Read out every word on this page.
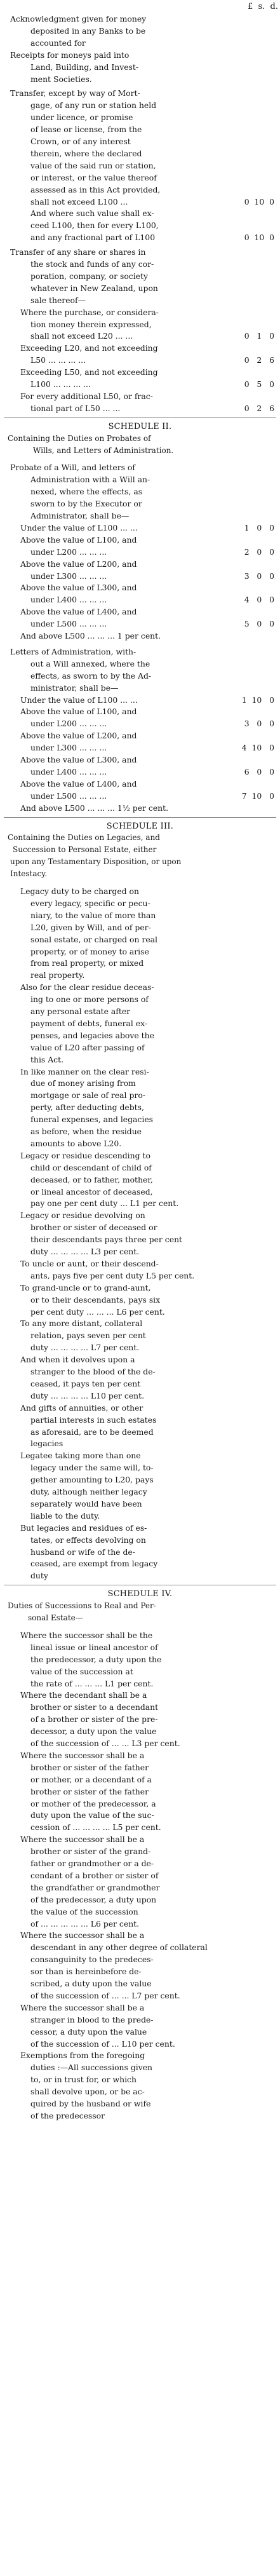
£  s.  d.
Acknowledgment given for money
deposited in any Banks to be
accounted for
Receipts for moneys paid into
Land, Building, and Invest-
ment Societies.
Transfer, except by way of Mort-
gage, of any run or station held
under licence, or promise
of lease or license, from the
Crown, or of any interest
therein, where the declared
value of the said run or station,
or interest, or the value thereof
assessed as in this Act provided,
shall not exceed L100 ...	0  10  0
And where such value shall ex-
ceed L100, then for every L100,
and any fractional part of L100	0  10  0
Transfer of any share or shares in
the stock and funds of any cor-
poration, company, or society
whatever in New Zealand, upon
sale thereof—
Where the purchase, or considera-
tion money therein expressed,
shall not exceed L20 ... ...	0   1   0
Exceeding L20, and not exceeding
L50 ... ... ... ...	0   2   6
Exceeding L50, and not exceeding
L100 ... ... ... ...	0   5   0
For every additional L50, or frac-
tional part of L50 ... ...	0   2   6
SCHEDULE II.
Containing the Duties on Probates of
Wills, and Letters of Administration.
Probate of a Will, and letters of
Administration with a Will an-
nexed, where the effects, as
sworn to by the Executor or
Administrator, shall be—
Under the value of L100 ... ...	1   0   0
Above the value of L100, and
under L200 ... ... ...	2   0   0
Above the value of L200, and
under L300 ... ... ...	3   0   0
Above the value of L300, and
under L400 ... ... ...	4   0   0
Above the value of L400, and
under L500 ... ... ...	5   0   0
And above L500 ... ... ... 1 per cent.
Letters of Administration, with-
out a Will annexed, where the
effects, as sworn to by the Ad-
ministrator, shall be—
Under the value of L100 ... ...	1  10   0
Above the value of L100, and
under L200 ... ... ...	3   0   0
Above the value of L200, and
under L300 ... ... ...	4  10   0
Above the value of L300, and
under L400 ... ... ...	6   0   0
Above the value of L400, and
under L500 ... ... ...	7  10   0
And above L500 ... ... ... 1½ per cent.
SCHEDULE III.
Containing the Duties on Legacies, and
Succession to Personal Estate, either
upon any Testamentary Disposition, or upon
Intestacy.
Legacy duty to be charged on
every legacy, specific or pecu-
niary, to the value of more than
L20, given by Will, and of per-
sonal estate, or charged on real
property, or of money to arise
from real property, or mixed
real property.
Also for the clear residue deceas-
ing to one or more persons of
any personal estate after
payment of debts, funeral ex-
penses, and legacies above the
value of L20 after passing of
this Act.
In like manner on the clear resi-
due of money arising from
mortgage or sale of real pro-
perty, after deducting debts,
funeral expenses, and legacies
as before, when the residue
amounts to above L20.
Legacy or residue descending to
child or descendant of child of
deceased, or to father, mother,
or lineal ancestor of deceased,
pay one per cent duty ... L1 per cent.
Legacy or residue devolving on
brother or sister of deceased or
their descendants pays three per cent
duty ... ... ... ... L3 per cent.
To uncle or aunt, or their descend-
ants, pays five per cent duty L5 per cent.
To grand-uncle or to grand-aunt,
or to their descendants, pays six
per cent duty ... ... ... L6 per cent.
To any more distant, collateral
relation, pays seven per cent
duty ... ... ... ... L7 per cent.
And when it devolves upon a
stranger to the blood of the de-
ceased, it pays ten per cent
duty ... ... ... ... L10 per cent.
And gifts of annuities, or other
partial interests in such estates
as aforesaid, are to be deemed
legacies
Legatee taking more than one
legacy under the same will, to-
gether amounting to L20, pays
duty, although neither legacy
separately would have been
liable to the duty.
But legacies and residues of es-
tates, or effects devolving on
husband or wife of the de-
ceased, are exempt from legacy
duty
SCHEDULE IV.
Duties of Successions to Real and Per-
sonal Estate—
Where the successor shall be the
lineal issue or lineal ancestor of
the predecessor, a duty upon the
value of the succession at
the rate of ... ... ... L1 per cent.
Where the decendant shall be a
brother or sister to a decendant
of a brother or sister of the pre-
decessor, a duty upon the value
of the succession of ... ... L3 per cent.
Where the successor shall be a
brother or sister of the father
or mother, or a decendant of a
brother or sister of the father
or mother of the predecessor, a
duty upon the value of the suc-
cession of ... ... ... ... L5 per cent.
Where the successor shall be a
brother or sister of the grand-
father or grandmother or a de-
cendant of a brother or sister of
the grandfather or grandmother
of the predecessor, a duty upon
the value of the succession
of ... ... ... ... ... L6 per cent.
Where the successor shall be a
descendant in any other degree of collateral
consanguinity to the predeces-
sor than is hereinbefore de-
scribed, a duty upon the value
of the succession of ... ... L7 per cent.
Where the successor shall be a
stranger in blood to the prede-
cessor, a duty upon the value
of the succession of ... L10 per cent.
Exemptions from the foregoing
duties :—All successions given
to, or in trust for, or which
shall devolve upon, or be ac-
quired by the husband or wife
of the predecessor
